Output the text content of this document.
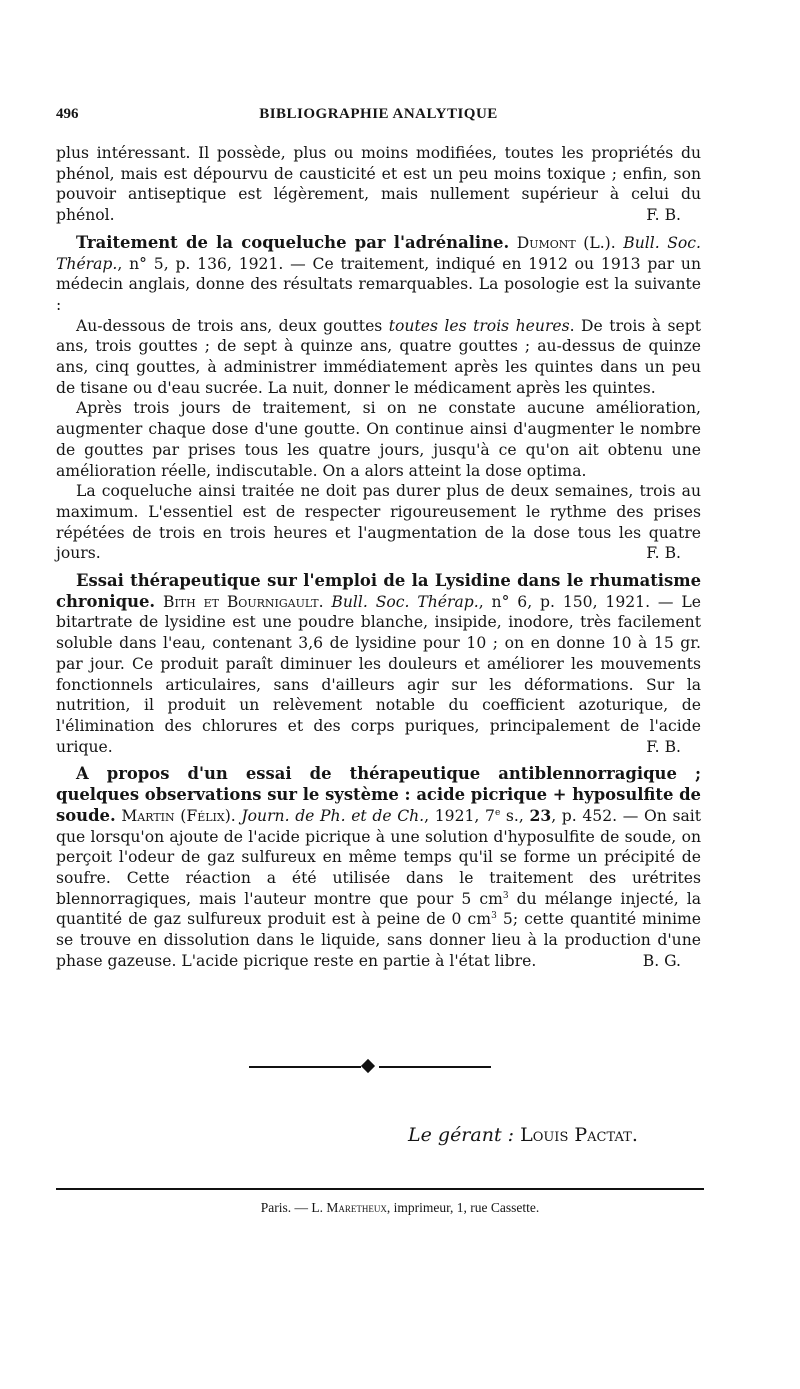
496	BIBLIOGRAPHIE ANALYTIQUE

plus intéressant. Il possède, plus ou moins modifiées, toutes les propriétés du phénol, mais est dépourvu de causticité et est un peu moins toxique ; enfin, son pouvoir antiseptique est légèrement, mais nullement supérieur à celui du phénol.	F. B.

Traitement de la coqueluche par l'adrénaline. Dumont (L.). Bull. Soc. Thérap., n° 5, p. 136, 1921. — Ce traitement, indiqué en 1912 ou 1913 par un médecin anglais, donne des résultats remarquables. La posologie est la suivante :

Au-dessous de trois ans, deux gouttes toutes les trois heures. De trois à sept ans, trois gouttes ; de sept à quinze ans, quatre gouttes ; au-dessus de quinze ans, cinq gouttes, à administrer immédiatement après les quintes dans un peu de tisane ou d'eau sucrée. La nuit, donner le médicament après les quintes.

Après trois jours de traitement, si on ne constate aucune amélioration, augmenter chaque dose d'une goutte. On continue ainsi d'augmenter le nombre de gouttes par prises tous les quatre jours, jusqu'à ce qu'on ait obtenu une amélioration réelle, indiscutable. On a alors atteint la dose optima.

La coqueluche ainsi traitée ne doit pas durer plus de deux semaines, trois au maximum. L'essentiel est de respecter rigoureusement le rythme des prises répétées de trois en trois heures et l'augmentation de la dose tous les quatre jours.	F. B.

Essai thérapeutique sur l'emploi de la Lysidine dans le rhumatisme chronique. Bith et Bournigault. Bull. Soc. Thérap., n° 6, p. 150, 1921. — Le bitartrate de lysidine est une poudre blanche, insipide, inodore, très facilement soluble dans l'eau, contenant 3,6 de lysidine pour 10 ; on en donne 10 à 15 gr. par jour. Ce produit paraît diminuer les douleurs et améliorer les mouvements fonctionnels articulaires, sans d'ailleurs agir sur les déformations. Sur la nutrition, il produit un relèvement notable du coefficient azoturique, de l'élimination des chlorures et des corps puriques, principalement de l'acide urique.	F. B.

A propos d'un essai de thérapeutique antiblennorragique ; quelques observations sur le système : acide picrique + hyposulfite de soude. Martin (Félix). Journ. de Ph. et de Ch., 1921, 7e s., 23, p. 452. — On sait que lorsqu'on ajoute de l'acide picrique à une solution d'hyposulfite de soude, on perçoit l'odeur de gaz sulfureux en même temps qu'il se forme un précipité de soufre. Cette réaction a été utilisée dans le traitement des urétrites blennorragiques, mais l'auteur montre que pour 5 $cm^3$ du mélange injecté, la quantité de gaz sulfureux produit est à peine de 0 $cm^3$ 5; cette quantité minime se trouve en dissolution dans le liquide, sans donner lieu à la production d'une phase gazeuse. L'acide picrique reste en partie à l'état libre.	B. G.

Le gérant : Louis Pactat.
Paris. — L. Maretheux, imprimeur, 1, rue Cassette.
